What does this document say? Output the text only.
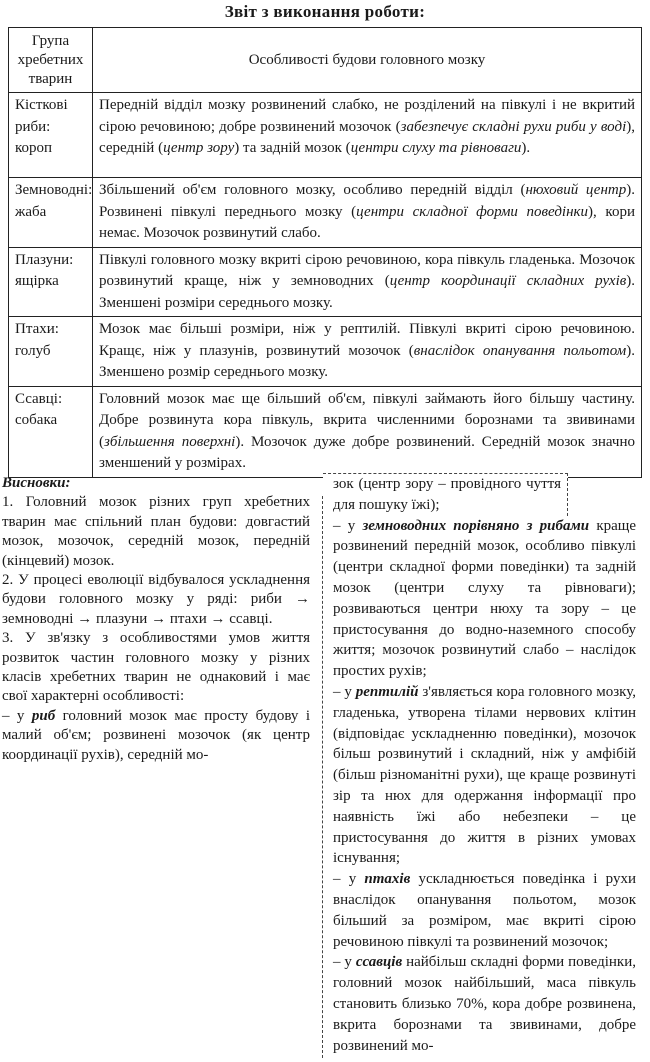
Звіт з виконання роботи:
Група хребетних тварин	Особливості будови головного мозку
Кісткові риби: короп	Передній відділ мозку розвинений слабко, не розділений на півкулі і не вкритий сірою речовиною; добре розвинений мозочок (забезпечує складні рухи риби у воді), середній (центр зору) та задній мозок (центри слуху та рівноваги).
Земноводні: жаба	Збільшений об'єм головного мозку, особливо передній відділ (нюховий центр). Розвинені півкулі переднього мозку (центри складної форми поведінки), кори немає. Мозочок розвинутий слабо.
Плазуни: ящірка	Півкулі головного мозку вкриті сірою речовиною, кора півкуль гладенька. Мозочок розвинутий краще, ніж у земноводних (центр координації складних рухів). Зменшені розміри середнього мозку.
Птахи: голуб	Мозок має більші розміри, ніж у рептилій. Півкулі вкриті сірою речовиною. Кращє, ніж у плазунів, розвинутий мозочок (внаслідок опанування польотом). Зменшено розмір середнього мозку.
Ссавці: собака	Головний мозок має ще більший об'єм, півкулі займають його більшу частину. Добре розвинута кора півкуль, вкрита численними борознами та звивинами (збільшення поверхні). Мозочок дуже добре розвинений. Середній мозок значно зменшений у розмірах.

Висновки:

1. Головний мозок різних груп хребетних тварин має спільний план будови: довгастий мозок, мозочок, середній мозок, передній (кінцевий) мозок.

2. У процесі еволюції відбувалося ускладнення будови головного мозку у ряді: риби → земноводні → плазуни → птахи → ссавці.

3. У зв'язку з особливостями умов життя розвиток частин головного мозку у різних класів хребетних тварин не однаковий і має свої характерні особливості:

– у риб головний мозок має просту будову і малий об'єм; розвинені мозочок (як центр координації рухів), середній мо-

зок (центр зору – провідного чуття для пошуку їжі);

– у земноводних порівняно з рибами краще розвинений передній мозок, особливо півкулі (центри складної форми поведінки) та задній мозок (центри слуху та рівноваги); розвиваються центри нюху та зору – це пристосування до водно-наземного способу життя; мозочок розвинутий слабо – наслідок простих рухів;

– у рептилій з'являється кора головного мозку, гладенька, утворена тілами нервових клітин (відповідає ускладненню поведінки), мозочок більш розвинутий і складний, ніж у амфібій (більш різноманітні рухи), ще краще розвинуті зір та нюх для одержання інформації про наявність їжі або небезпеки – це пристосування до життя в різних умовах існування;

– у птахів ускладнюється поведінка і рухи внаслідок опанування польотом, мозок більший за розміром, має вкриті сірою речовиною півкулі та розвинений мозочок;

– у ссавців найбільш складні форми поведінки, головний мозок найбільший, маса півкуль становить близько 70%, кора добре розвинена, вкрита борознами та звивинами, добре розвинений мо-
